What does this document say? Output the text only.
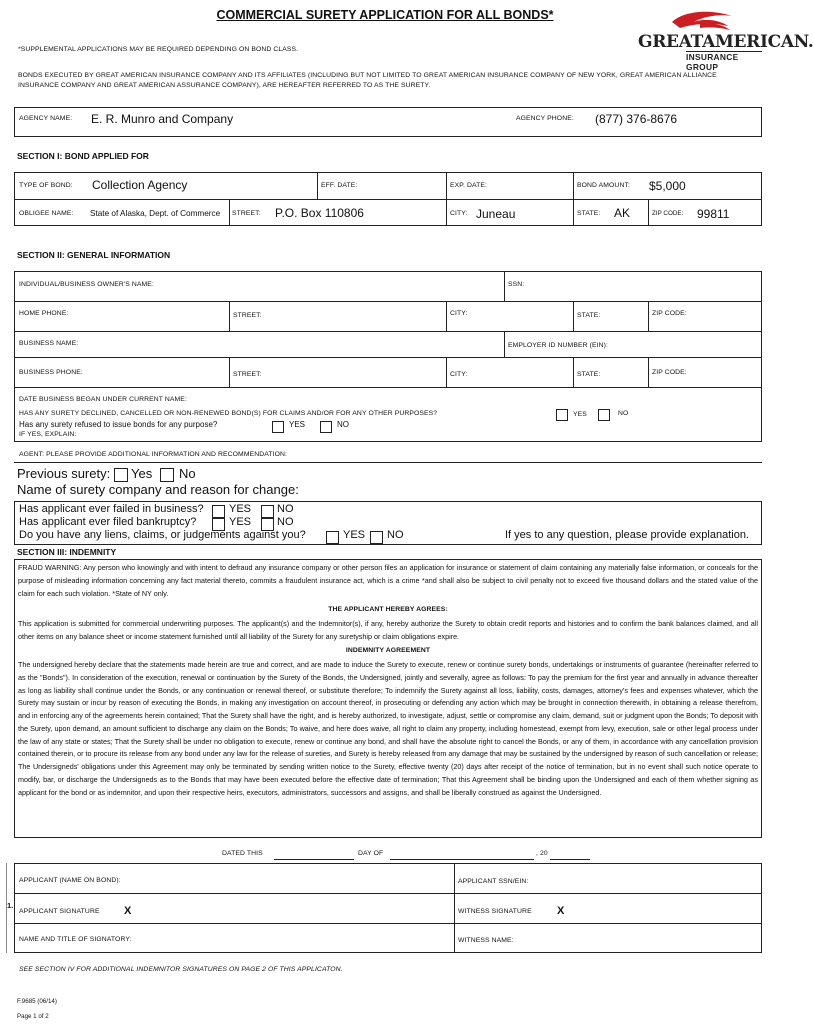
COMMERCIAL SURETY APPLICATION FOR ALL BONDS*
GREATAMERICAN.
INSURANCE GROUP
*SUPPLEMENTAL APPLICATIONS MAY BE REQUIRED DEPENDING ON BOND CLASS.
BONDS EXECUTED BY GREAT AMERICAN INSURANCE COMPANY AND ITS AFFILIATES (INCLUDING BUT NOT LIMITED TO GREAT AMERICAN INSURANCE COMPANY OF NEW YORK, GREAT AMERICAN ALLIANCE INSURANCE COMPANY AND GREAT AMERICAN ASSURANCE COMPANY), ARE HEREAFTER REFERRED TO AS THE SURETY.
AGENCY NAME: E. R. Munro and Company	AGENCY PHONE: (877) 376-8676
SECTION I: BOND APPLIED FOR
TYPE OF BOND: Collection Agency	EFF. DATE:	EXP. DATE:	BOND AMOUNT: $5,000
OBLIGEE NAME: State of Alaska, Dept. of Commerce STREET: P.O. Box 110806	CITY: Juneau	STATE: AK	ZIP CODE: 99811
SECTION II: GENERAL INFORMATION
INDIVIDUAL/BUSINESS OWNER'S NAME:	SSN:
HOME PHONE:	STREET:	CITY:	STATE:	ZIP CODE:
BUSINESS NAME:	EMPLOYER ID NUMBER (EIN):
BUSINESS PHONE:	STREET:	CITY:	STATE:	ZIP CODE:
DATE BUSINESS BEGAN UNDER CURRENT NAME:
HAS ANY SURETY DECLINED, CANCELLED OR NON-RENEWED BOND(S) FOR CLAIMS AND/OR FOR ANY OTHER PURPOSES?	YES	NO
Has any surety refused to issue bonds for any purpose?	YES	NO
IF YES, EXPLAIN:
AGENT: PLEASE PROVIDE ADDITIONAL INFORMATION AND RECOMMENDATION:
Previous surety: Yes No
Name of surety company and reason for change:
Has applicant ever failed in business? YES NO
Has applicant ever filed bankruptcy?	YES NO
Do you have any liens, claims, or judgements against you?	YES NO	If yes to any question, please provide explanation.
SECTION III: INDEMNITY
FRAUD WARNING: Any person who knowingly and with intent to defraud any insurance company or other person files an application for insurance or statement of claim containing any materially false information, or conceals for the purpose of misleading information concerning any fact material thereto, commits a fraudulent insurance act, which is a crime *and shall also be subject to civil penalty not to exceed five thousand dollars and the stated value of the claim for each such violation. *State of NY only.
THE APPLICANT HEREBY AGREES:
This application is submitted for commercial underwriting purposes. The applicant(s) and the Indemnitor(s), if any, hereby authorize the Surety to obtain credit reports and histories and to confirm the bank balances claimed, and all other items on any balance sheet or income statement furnished until all liability of the Surety for any suretyship or claim obligations expire.
INDEMNITY AGREEMENT
The undersigned hereby declare that the statements made herein are true and correct, and are made to induce the Surety to execute, renew or continue surety bonds, undertakings or instruments of guarantee (hereinafter referred to as the "Bonds"). In consideration of the execution, renewal or continuation by the Surety of the Bonds, the Undersigned, jointly and severally, agree as follows: To pay the premium for the first year and annually in advance thereafter as long as liability shall continue under the Bonds, or any continuation or renewal thereof, or substitute therefore; To indemnify the Surety against all loss, liability, costs, damages, attorney's fees and expenses whatever, which the Surety may sustain or incur by reason of executing the Bonds, in making any investigation on account thereof, in prosecuting or defending any action which may be brought in connection therewith, in obtaining a release therefrom, and in enforcing any of the agreements herein contained; That the Surety shall have the right, and is hereby authorized, to investigate, adjust, settle or compromise any claim, demand, suit or judgment upon the Bonds; To deposit with the Surety, upon demand, an amount sufficient to discharge any claim on the Bonds; To waive, and here does waive, all right to claim any property, including homestead, exempt from levy, execution, sale or other legal process under the law of any state or states; That the Surety shall be under no obligation to execute, renew or continue any bond, and shall have the absolute right to cancel the Bonds, or any of them, in accordance with any cancellation provision contained therein, or to procure its release from any bond under any law for the release of sureties, and Surety is hereby released from any damage that may be sustained by the undersigned by reason of such cancellation or release; The Undersigneds' obligations under this Agreement may only be terminated by sending written notice to the Surety, effective twenty (20) days after receipt of the notice of termination, but in no event shall such notice operate to modify, bar, or discharge the Undersigneds as to the Bonds that may have been executed before the effective date of termination; That this Agreement shall be binding upon the Undersigned and each of them whether signing as applicant for the bond or as indemnitor, and upon their respective heirs, executors, administrators, successors and assigns, and shall be liberally construed as against the Undersigned.
DATED THIS	DAY OF	, 20
1.
APPLICANT (NAME ON BOND):	APPLICANT SSN/EIN:
APPLICANT SIGNATURE X	WITNESS SIGNATURE X
NAME AND TITLE OF SIGNATORY:	WITNESS NAME:
SEE SECTION IV FOR ADDITIONAL INDEMNITOR SIGNATURES ON PAGE 2 OF THIS APPLICATON.
F.9685 (06/14)
Page 1 of 2
